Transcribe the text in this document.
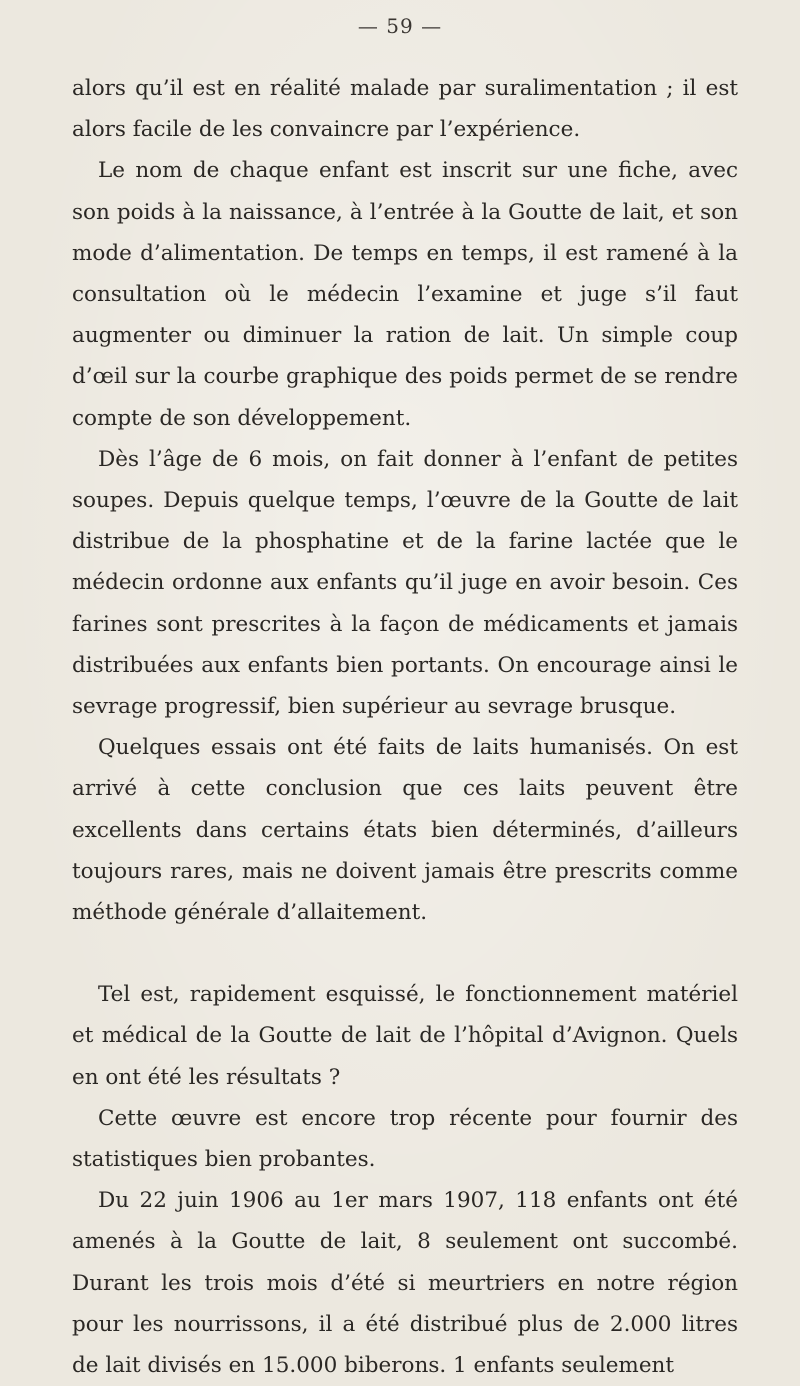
— 59 —

alors qu’il est en réalité malade par suralimentation ; il est alors facile de les convaincre par l’expérience.

Le nom de chaque enfant est inscrit sur une fiche, avec son poids à la naissance, à l’entrée à la Goutte de lait, et son mode d’alimentation. De temps en temps, il est ramené à la consultation où le médecin l’examine et juge s’il faut augmenter ou diminuer la ration de lait. Un simple coup d’œil sur la courbe graphique des poids permet de se rendre compte de son développement.

Dès l’âge de 6 mois, on fait donner à l’enfant de petites soupes. Depuis quelque temps, l’œuvre de la Goutte de lait distribue de la phosphatine et de la farine lactée que le médecin ordonne aux enfants qu’il juge en avoir besoin. Ces farines sont prescrites à la façon de médicaments et jamais distribuées aux enfants bien portants. On encourage ainsi le sevrage progressif, bien supérieur au sevrage brusque.

Quelques essais ont été faits de laits humanisés. On est arrivé à cette conclusion que ces laits peuvent être excellents dans certains états bien déterminés, d’ailleurs toujours rares, mais ne doivent jamais être prescrits comme méthode générale d’allaitement.

Tel est, rapidement esquissé, le fonctionnement matériel et médical de la Goutte de lait de l’hôpital d’Avignon. Quels en ont été les résultats ?

Cette œuvre est encore trop récente pour fournir des statistiques bien probantes.

Du 22 juin 1906 au 1er mars 1907, 118 enfants ont été amenés à la Goutte de lait, 8 seulement ont succombé. Durant les trois mois d’été si meurtriers en notre région pour les nourrissons, il a été distribué plus de 2.000 litres de lait divisés en 15.000 biberons. 1 enfants seulement
